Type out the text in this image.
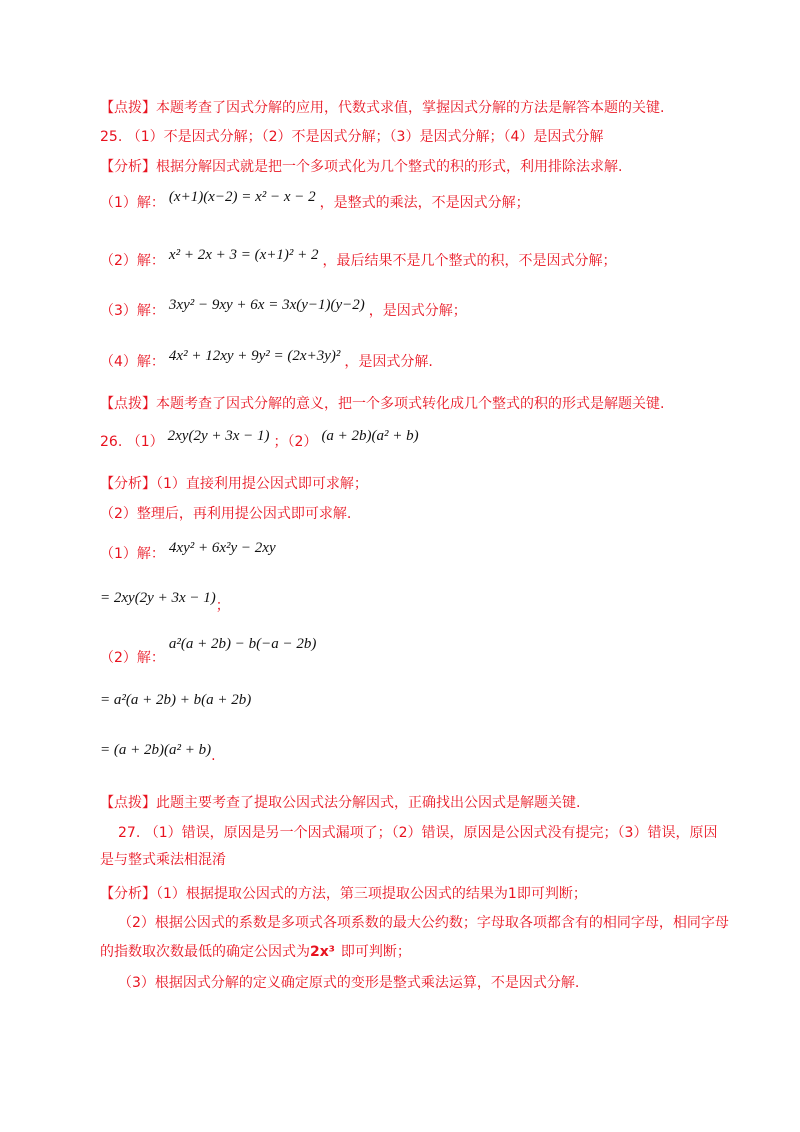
【点拨】本题考查了因式分解的应用，代数式求值，掌握因式分解的方法是解答本题的关键.
25. （1）不是因式分解；（2）不是因式分解；（3）是因式分解；（4）是因式分解
【分析】根据分解因式就是把一个多项式化为几个整式的积的形式，利用排除法求解.
（1）解： (x+1)(x−2) = x² − x − 2 ，是整式的乘法，不是因式分解；
（2）解： x² + 2x + 3 = (x+1)² + 2 ，最后结果不是几个整式的积，不是因式分解；
（3）解： 3xy² − 9xy + 6x = 3x(y−1)(y−2) ，是因式分解；
（4）解： 4x² + 12xy + 9y² = (2x+3y)² ，是因式分解.
【点拨】本题考查了因式分解的意义，把一个多项式转化成几个整式的积的形式是解题关键.
26. （1） 2xy(2y + 3x − 1) ；（2） (a + 2b)(a² + b)
【分析】（1）直接利用提公因式即可求解；
（2）整理后，再利用提公因式即可求解.
（1）解： 4xy² + 6x²y − 2xy
= 2xy(2y + 3x − 1)；
（2）解：a²(a + 2b) − b(−a − 2b)
= a²(a + 2b) + b(a + 2b)
= (a + 2b)(a² + b).
【点拨】此题主要考查了提取公因式法分解因式，正确找出公因式是解题关键.
27. （1）错误，原因是另一个因式漏项了；（2）错误，原因是公因式没有提完；（3）错误，原因
是与整式乘法相混淆
【分析】（1）根据提取公因式的方法，第三项提取公因式的结果为1即可判断；
（2）根据公因式的系数是多项式各项系数的最大公约数；字母取各项都含有的相同字母，相同字母
的指数取次数最低的确定公因式为2x³ 即可判断；
（3）根据因式分解的定义确定原式的变形是整式乘法运算，不是因式分解.
